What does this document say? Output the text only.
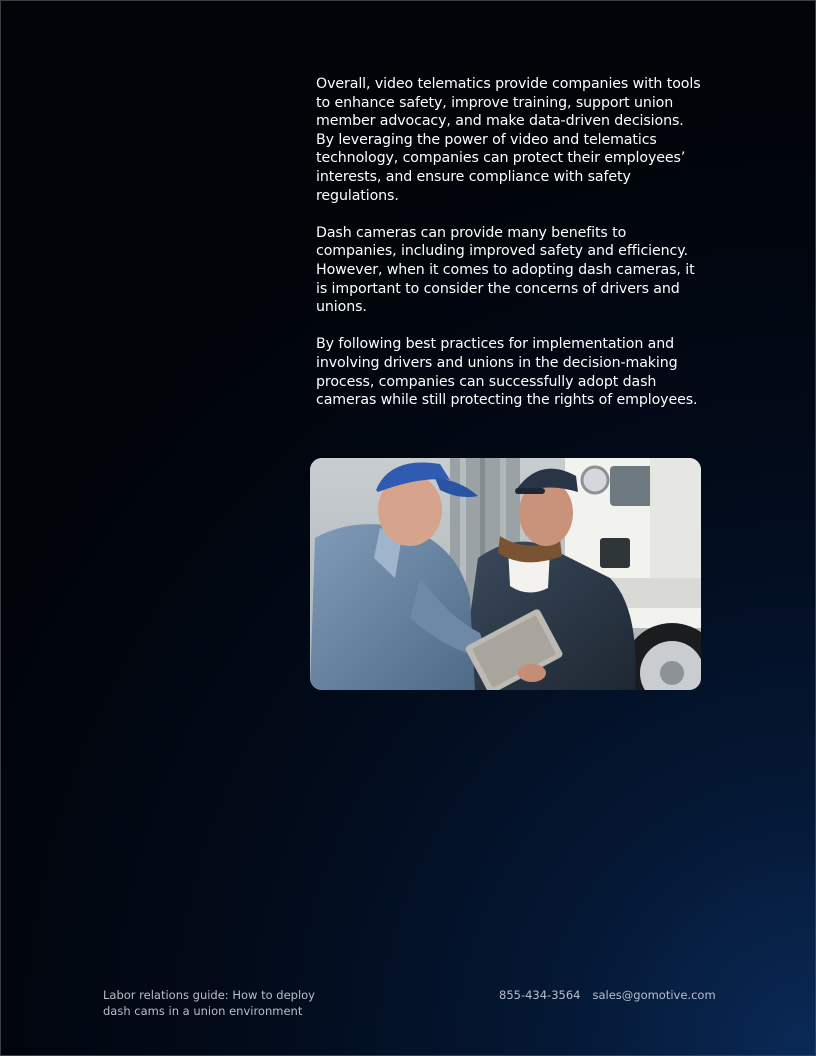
Overall, video telematics provide companies with tools to enhance safety, improve training, support union member advocacy, and make data-driven decisions. By leveraging the power of video and telematics technology, companies can protect their employees’ interests, and ensure compliance with safety regulations.

Dash cameras can provide many benefits to companies, including improved safety and efficiency. However, when it comes to adopting dash cameras, it is important to consider the concerns of drivers and unions.

By following best practices for implementation and involving drivers and unions in the decision-making process, companies can successfully adopt dash cameras while still protecting the rights of employees.

Labor relations guide: How to deploy
dash cams in a union environment
855-434-3564 sales@gomotive.com
